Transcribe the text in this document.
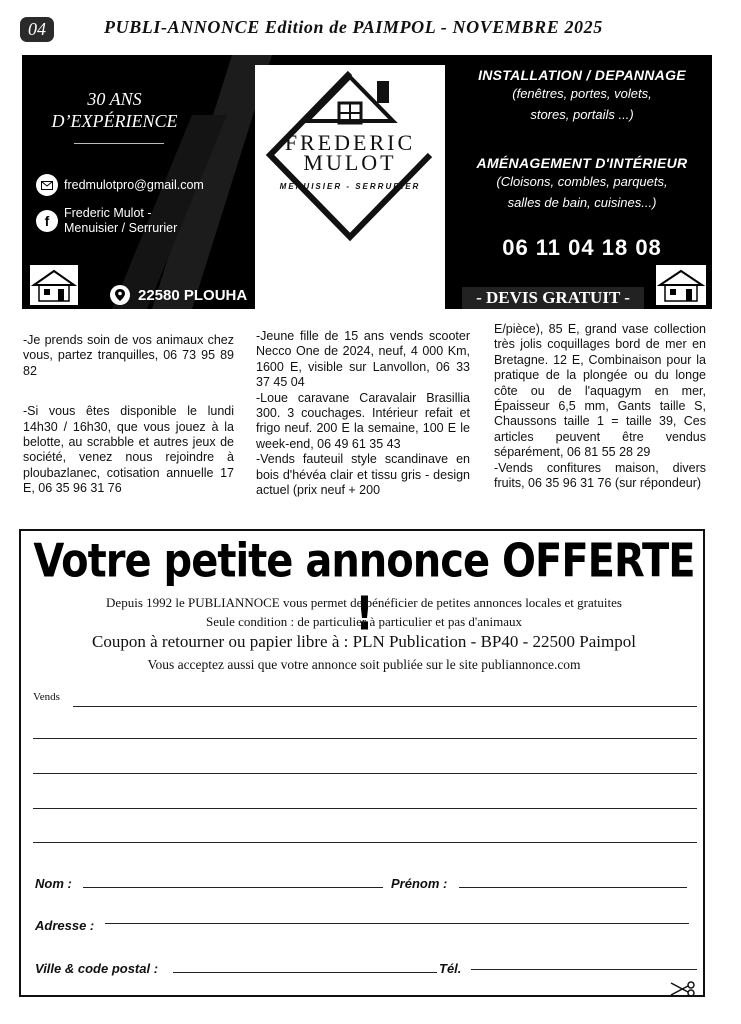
04	PUBLI-ANNONCE Edition de PAIMPOL - NOVEMBRE 2025
30 ANS
D’EXPÉRIENCE
fredmulotpro@gmail.com
f	Frederic Mulot -
Menuisier / Serrurier
22580 PLOUHA
FREDERIC
MULOT
MENUISIER - SERRURIER
INSTALLATION / DEPANNAGE
(fenêtres, portes, volets,
stores, portails ...)
AMÉNAGEMENT D'INTÉRIEUR
(Cloisons, combles, parquets,
salles de bain, cuisines...)
06 11 04 18 08
- DEVIS GRATUIT -

-Je prends soin de vos animaux chez vous, partez tranquilles, 06 73 95 89 82

-Si vous êtes disponible le lundi 14h30 / 16h30, que vous jouez à la belotte, au scrabble et autres jeux de société, venez nous rejoindre à ploubazlanec, cotisation annuelle 17 E, 06 35 96 31 76

-Jeune fille de 15 ans vends scooter Necco One de 2024, neuf, 4 000 Km, 1600 E, visible sur Lanvollon, 06 33 37 45 04

-Loue caravane Caravalair Brasillia 300. 3 couchages. Intérieur refait et frigo neuf. 200 E la semaine, 100 E le week-end, 06 49 61 35 43

-Vends fauteuil style scandinave en bois d'hévéa clair et tissu gris - design actuel (prix neuf + 200

E/pièce), 85 E, grand vase collection très jolis coquillages bord de mer en Bretagne. 12 E, Combinaison pour la pratique de la plongée ou du longe côte ou de l'aquagym en mer, Épaisseur 6,5 mm, Gants taille S, Chaussons taille 1 = taille 39, Ces articles peuvent être vendus séparément, 06 81 55 28 29

-Vends confitures maison, divers fruits, 06 35 96 31 76 (sur répondeur)

Votre petite annonce OFFERTE !
Depuis 1992 le PUBLIANNOCE vous permet de bénéficier de petites annonces locales et gratuites
Seule condition : de particulier à particulier et pas d'animaux
Coupon à retourner ou papier libre à : PLN Publication - BP40 - 22500 Paimpol
Vous acceptez aussi que votre annonce soit publiée sur le site publiannonce.com
Vends
Nom :	Prénom :
Adresse :
Ville & code postal :	Tél.
